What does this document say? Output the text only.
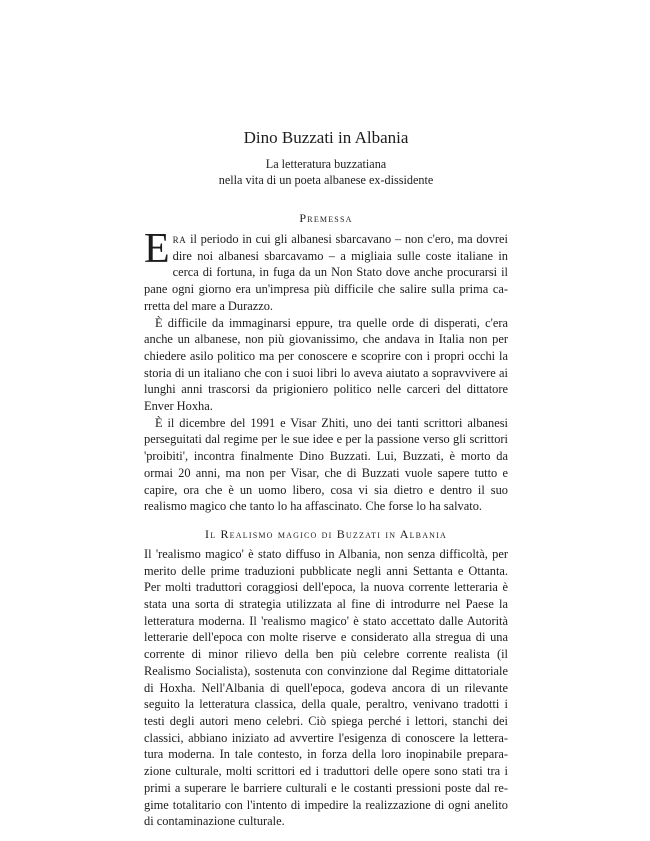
Dino Buzzati in Albania
La letteratura buzzatiana
nella vita di un poeta albanese ex-dissidente
Premessa

Era il periodo in cui gli albanesi sbarcavano – non c'ero, ma dovrei dire noi albanesi sbarcavamo – a migliaia sulle coste italiane in cerca di fortuna, in fuga da un Non Stato dove anche procurarsi il pane ogni giorno era un'impresa più difficile che salire sulla prima carretta del mare a Durazzo.

È difficile da immaginarsi eppure, tra quelle orde di disperati, c'era anche un albanese, non più giovanissimo, che andava in Italia non per chiedere asilo politico ma per conoscere e scoprire con i propri occhi la storia di un italiano che con i suoi libri lo aveva aiutato a sopravvivere ai lunghi anni trascorsi da prigioniero politico nelle carceri del dittatore Enver Hoxha.

È il dicembre del 1991 e Visar Zhiti, uno dei tanti scrittori albanesi perseguitati dal regime per le sue idee e per la passione verso gli scrittori 'proibiti', incontra finalmente Dino Buzzati. Lui, Buzzati, è morto da ormai 20 anni, ma non per Visar, che di Buzzati vuole sapere tutto e capire, ora che è un uomo libero, cosa vi sia dietro e dentro il suo realismo magico che tanto lo ha affascinato. Che forse lo ha salvato.

Il Realismo magico di Buzzati in Albania

Il 'realismo magico' è stato diffuso in Albania, non senza difficoltà, per merito delle prime traduzioni pubblicate negli anni Settanta e Ottanta. Per molti traduttori coraggiosi dell'epoca, la nuova corrente letteraria è stata una sorta di strategia utilizzata al fine di introdurre nel Paese la letteratura moderna. Il 'realismo magico' è stato accettato dalle Autorità letterarie dell'epoca con molte riserve e considerato alla stregua di una corrente di minor rilievo della ben più celebre corrente realista (il Realismo Socialista), sostenuta con convinzione dal Regime dittatoriale di Hoxha. Nell'Albania di quell'epoca, godeva ancora di un rilevante seguito la letteratura classica, della quale, peraltro, venivano tradotti i testi degli autori meno celebri. Ciò spiega perché i lettori, stanchi dei classici, abbiano iniziato ad avvertire l'esigenza di conoscere la letteratura moderna. In tale contesto, in forza della loro inopinabile preparazione culturale, molti scrittori ed i traduttori delle opere sono stati tra i primi a superare le barriere culturali e le costanti pressioni poste dal regime totalitario con l'intento di impedire la realizzazione di ogni anelito di contaminazione culturale.
